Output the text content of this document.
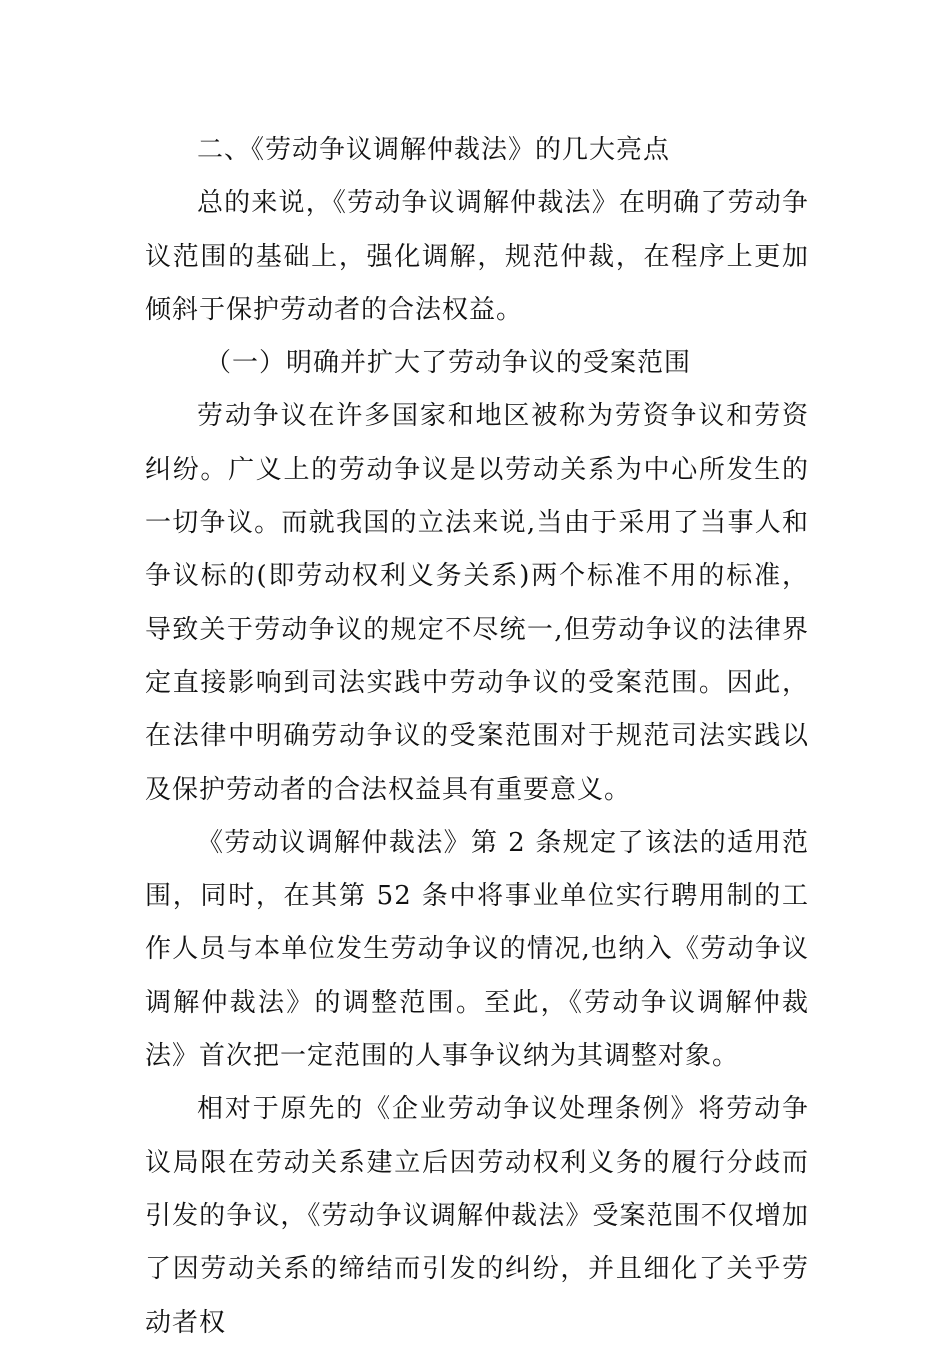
二、《劳动争议调解仲裁法》的几大亮点

总的来说，《劳动争议调解仲裁法》在明确了劳动争议范围的基础上，强化调解，规范仲裁，在程序上更加倾斜于保护劳动者的合法权益。

（一）明确并扩大了劳动争议的受案范围

劳动争议在许多国家和地区被称为劳资争议和劳资纠纷。广义上的劳动争议是以劳动关系为中心所发生的一切争议。而就我国的立法来说,当由于采用了当事人和争议标的(即劳动权利义务关系)两个标准不用的标准，导致关于劳动争议的规定不尽统一,但劳动争议的法律界定直接影响到司法实践中劳动争议的受案范围。因此，在法律中明确劳动争议的受案范围对于规范司法实践以及保护劳动者的合法权益具有重要意义。

《劳动议调解仲裁法》第 2 条规定了该法的适用范围，同时，在其第 52 条中将事业单位实行聘用制的工作人员与本单位发生劳动争议的情况,也纳入《劳动争议调解仲裁法》的调整范围。至此，《劳动争议调解仲裁法》首次把一定范围的人事争议纳为其调整对象。

相对于原先的《企业劳动争议处理条例》将劳动争议局限在劳动关系建立后因劳动权利义务的履行分歧而引发的争议，《劳动争议调解仲裁法》受案范围不仅增加了因劳动关系的缔结而引发的纠纷，并且细化了关乎劳动者权
